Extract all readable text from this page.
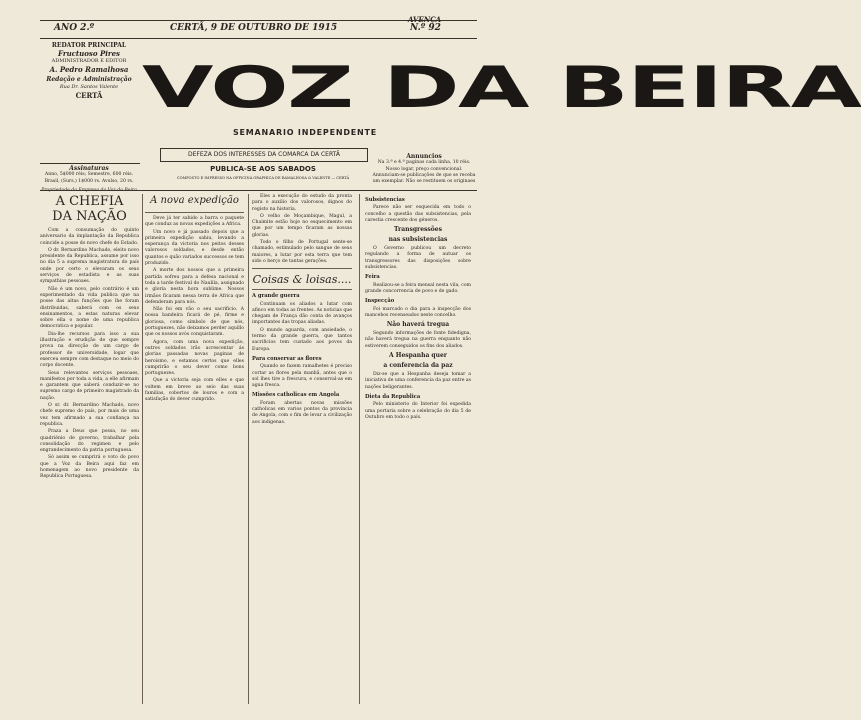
ANO 2.º	CERTÃ, 9 DE OUTUBRO DE 1915
AVENÇA
N.º 92
REDATOR PRINCIPAL
Fructuoso Pires
ADMINISTRADOR E EDITOR
A. Pedro Ramalhosa
Redação e Administração
Rua Dr. Santos Valente
CERTÃ
Assinaturas
Anno, 5$000 réis; Semestre, 600 réis. Brasil, (Surs.) 1$000 rs. Avulso, 20 rs.
VOZ DA BEIRA
SEMANARIO INDEPENDENTE
DEFEZA DOS INTERESSES DA COMARCA DA CERTÃ
PUBLICA-SE AOS SABADOS
COMPOSTO E IMPRESSO NA OFFICINA GRAPHICA DE RAMALHOSA & VALENTE — CERTÃ
Annuncios
Na 3.ª e 4.ª paginas cada linha, 10 réis. Nosso logar, preço convencional. Annunciam-se publicações de que se receba um exemplar. Não se restituem os originaes
A CHEFIA
DA NAÇÃO

Com a consumação do quinto aniversario da implantação da Republica coincide a posse do novo chefe do Estado.

O dr. Bernardino Machado, eleito novo presidente da Republica, assume por isso no dia 5 a suprema magistratura do país onde por certo o elevaram os seus serviços de estadista e as suas sympathias pessoaes.

Não é um novo, pelo contrário é um experimentado da vida publica que na posse das altas funções que lhe foram distribuidas, saberá com os seus ensinamentos, a estas naturas elevar sobre ella o nome de uma republica democratica e popular.

Dia-lhe recursos para isso a sua illustração e erudição de que sempre prova na direcção de um cargo de professor de universidade, logar que exerceu sempre com destaque no meio do corpo docente.

Seus relevantes serviços pessoaes, manifestos por toda a vida, a elle afirmam e garantem que saberá conduzir-se no supremo cargo de primeiro magistrado da nação.

O sr. dr. Bernardino Machado, novo chefe supremo do país, por mais de uma vez tem afirmado a sua confiança na republica.

Praza a Deus que possa, no seu quadriénio de governo, trabalhar pela consolidação do regimen e pelo engrandecimento da patria portuguesa.

Só assim se cumprirá o voto do povo que a Voz da Beira aqui faz em homenagem ao novo presidente da Republica Portuguesa.

A nova expedição

Deve já ter sahido a barra o paquete que conduz as novas expedições a Africa.

Um novo e já passado depois que a primeira expedição sahiu, levando a esperança da victoria nos peitos desses valorosos soldados, e desde então quantos e quão variados successos se tem produzido.

A morte dos nossos que a primeira partida sofreu para a defesa nacional e toda a tarde festival do Naulila, assignado e gloria nesta hora sublime. Nossos irmãos ficaram nessa terra de Africa que defenderam para nós.

Não foi em vão o seu sacrificio. A nossa bandeira ficará de pé, firme e gloriosa, como símbolo de que nós, portuguezes, não deixamos perder aquillo que os nossos avós conquistaram.

Agora, com uma nova expedição, outros soldados irão acrescentar ás glorias passadas novas paginas de heroísmo, e estamos certos que elles cumprirão o seu dever como bons portuguezes.

Que a victoria seja com elles e que voltem em breve ao seio das suas familias, cobertos de louros e com a satisfação do dever cumprido.

Eles a execução do estudo da pronta para o auxilio dos valorosos, dignos do registo na historia.

O velho de Moçambique, Magul, a Chaimite estão hoje no esquecimento em que por um tempo ficaram as nossas glorias.

Todo o filho de Portugal sente-se chamado, estimulado pelo sangue de seus maiores, a lutar por esta terra que tem sido o berço de tantas gerações.

Coisas & loisas....
A grande guerra

Continuam os aliados a lutar com afinco em todas as frentes. As noticias que chegam de França dão conta de avanços importantes das tropas aliadas.

O mundo aguarda, com ansiedade, o termo da grande guerra, que tantos sacrificios tem custado aos povos da Europa.

Para conservar as flores

Quando se fazem ramalhetes é preciso cortar as flores pela manhã, antes que o sol lhes tire a frescura, e conserval-as em agua fresca.

Missões catholicas em Angola

Foram abertas novas missões catholicas em varios pontos da provincia de Angola, com o fim de levar a civilização aos indigenas.

Subsistencias

Parece não ser esquecida em todo o concelho a questão das subsistencias, pela carestia crescente dos géneros.

Transgressões
nas subsistencias

O Governo publicou um decreto regulando a forma de autuar os transgressores das disposições sobre subsistencias.

Feira

Realizou-se a feira mensal nesta vila, com grande concorrencia de povo e de gado.

Inspecção

Foi marcado o dia para a inspecção dos mancebos recenseados neste concelho.

Não haverá tregua

Segundo informações de fonte fidedigna, não haverá tregua na guerra enquanto não estiverem conseguidos os fins dos aliados.

A Hespanha quer
a conferencia da paz

Diz-se que a Hespanha deseja tomar a iniciativa de uma conferencia da paz entre as nações beligerantes.

Dieta da Republica

Pelo ministerio do Interior foi expedida uma portaria sobre a celebração do dia 5 de Outubro em todo o país.
